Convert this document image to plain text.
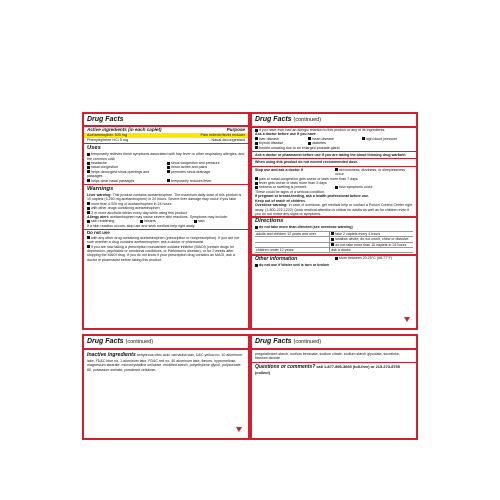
Drug Facts
Active ingredients (in each caplet)	Purpose
Acetaminophen 325 mg	Pain reliever/fever reducer
Phenylephrine HCl 5 mg	Nasal decongestant
Uses
temporarily relieves these symptoms associated with hay fever or other respiratory allergies, and the common cold:
headache	sinus congestion and pressure
nasal congestion	minor aches and pains
helps decongest sinus openings and passages
promotes sinus drainage
helps clear nasal passages	temporarily reduces fever
Warnings
Liver warning: This product contains acetaminophen. The maximum daily dose of this product is 10 caplets (3,250 mg acetaminophen) in 24 hours. Severe liver damage may occur if you take
more than 4,000 mg of acetaminophen in 24 hours
with other drugs containing acetaminophen
3 or more alcoholic drinks every day while using this product
Allergy alert: acetaminophen may cause severe skin reactions. Symptoms may include:
skin reddening	blisters	rash
If a skin reaction occurs, stop use and seek medical help right away.
Do not use
with any other drug containing acetaminophen (prescription or nonprescription). If you are not sure whether a drug contains acetaminophen, ask a doctor or pharmacist
if you are now taking a prescription monoamine oxidase inhibitor (MAOI) (certain drugs for depression, psychiatric or emotional conditions, or Parkinson's disease), or for 2 weeks after stopping the MAOI drug. If you do not know if your prescription drug contains an MAOI, ask a doctor or pharmacist before taking this product.
Drug Facts (continued)
if you have ever had an allergic reaction to this product or any of its ingredients.
Ask a doctor before use if you have
liver disease	heart disease	high blood pressure
thyroid disease	diabetes
trouble urinating due to an enlarged prostate gland
Ask a doctor or pharmacist before use if you are taking the blood thinning drug warfarin
When using this product do not exceed recommended dose.
Stop use and ask a doctor if	nervousness, dizziness, or sleeplessness occur
pain or nasal congestion gets worse or lasts more than 7 days
fever gets worse or lasts more than 3 days
redness or swelling is present	new symptoms occur
These could be signs of a serious condition.
If pregnant or breast-feeding, ask a health professional before use.
Keep out of reach of children.
Overdose warning: In case of overdose, get medical help or contact a Poison Control Center right away. (1-800-222-1222) Quick medical attention is critical for adults as well as for children even if you do not notice any signs or symptoms.
Directions
do not take more than directed (see overdose warning)
adults and children 12 years and over	take 2 caplets every 4 hours
swallow whole; do not crush, chew or dissolve
do not take more than 10 caplets in 24 hours
children under 12 years	ask a doctor
Other information	store between 20-25°C (68-77°F)
do not use if blister unit is torn or broken
Drug Facts (continued)
Inactive ingredients anhydrous citric acid, carnauba wax, D&C yellow no. 10 aluminum lake, FD&C blue no. 1 aluminum lake, FD&C red no. 40 aluminum lake, flavors, hypromellose, magnesium stearate, microcrystalline cellulose, modified starch, polyethylene glycol, polysorbate 80, potassium sorbate, powdered cellulose,
Drug Facts (continued)
pregelatinized starch, sodium benzoate, sodium citrate, sodium starch glycolate, sucralose, titanium dioxide
Questions or comments? call 1-877-895-3665 (toll-free) or 215-273-8755 (collect)
